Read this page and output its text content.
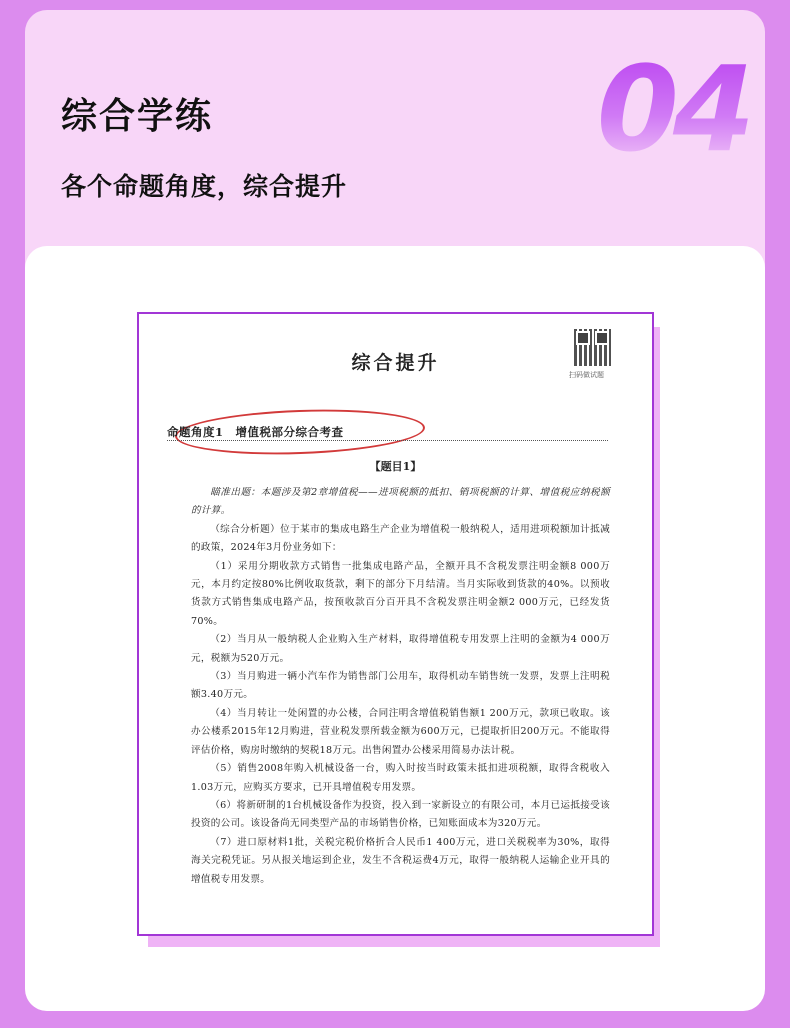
综合学练
各个命题角度，综合提升
04
综合提升
扫码做试题
命题角度1　增值税部分综合考查
【题目1】

瞄准出题：本题涉及第2章增值税——进项税额的抵扣、销项税额的计算、增值税应纳税额的计算。

（综合分析题）位于某市的集成电路生产企业为增值税一般纳税人，适用进项税额加计抵减的政策，2024年3月份业务如下：

（1）采用分期收款方式销售一批集成电路产品，全额开具不含税发票注明金额8 000万元，本月约定按80%比例收取货款，剩下的部分下月结清。当月实际收到货款的40%。以预收货款方式销售集成电路产品，按预收款百分百开具不含税发票注明金额2 000万元，已经发货70%。

（2）当月从一般纳税人企业购入生产材料，取得增值税专用发票上注明的金额为4 000万元，税额为520万元。

（3）当月购进一辆小汽车作为销售部门公用车，取得机动车销售统一发票，发票上注明税额3.40万元。

（4）当月转让一处闲置的办公楼，合同注明含增值税销售额1 200万元，款项已收取。该办公楼系2015年12月购进，营业税发票所载金额为600万元，已提取折旧200万元。不能取得评估价格，购房时缴纳的契税18万元。出售闲置办公楼采用简易办法计税。

（5）销售2008年购入机械设备一台，购入时按当时政策未抵扣进项税额，取得含税收入1.03万元，应购买方要求，已开具增值税专用发票。

（6）将新研制的1台机械设备作为投资，投入到一家新设立的有限公司，本月已运抵接受该投资的公司。该设备尚无同类型产品的市场销售价格，已知账面成本为320万元。

（7）进口原材料1批，关税完税价格折合人民币1 400万元，进口关税税率为30%，取得海关完税凭证。另从报关地运到企业，发生不含税运费4万元，取得一般纳税人运输企业开具的增值税专用发票。
